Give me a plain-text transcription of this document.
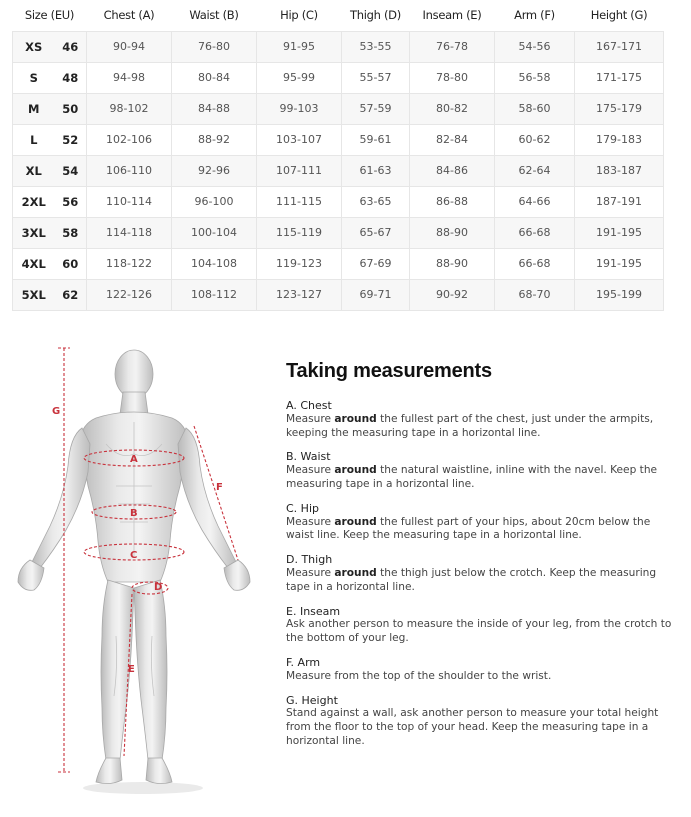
Size (EU)		Chest (A)	Waist (B)	Hip (C)	Thigh (D)	Inseam (E)	Arm (F)	Height (G)
XS	46	90-94	76-80	91-95	53-55	76-78	54-56	167-171
S	48	94-98	80-84	95-99	55-57	78-80	56-58	171-175
M	50	98-102	84-88	99-103	57-59	80-82	58-60	175-179
L	52	102-106	88-92	103-107	59-61	82-84	60-62	179-183
XL	54	106-110	92-96	107-111	61-63	84-86	62-64	183-187
2XL	56	110-114	96-100	111-115	63-65	86-88	64-66	187-191
3XL	58	114-118	100-104	115-119	65-67	88-90	66-68	191-195
4XL	60	118-122	104-108	119-123	67-69	88-90	66-68	191-195
5XL	62	122-126	108-112	123-127	69-71	90-92	68-70	195-199
G
A
B
C
D
E
F
Taking measurements
A. Chest
Measure around the fullest part of the chest, just under the armpits, keeping the measuring tape in a horizontal line.
B. Waist
Measure around the natural waistline, inline with the navel. Keep the measuring tape in a horizontal line.
C. Hip
Measure around the fullest part of your hips, about 20cm below the waist line. Keep the measuring tape in a horizontal line.
D. Thigh
Measure around the thigh just below the crotch. Keep the measuring tape in a horizontal line.
E. Inseam
Ask another person to measure the inside of your leg, from the crotch to the bottom of your leg.
F. Arm
Measure from the top of the shoulder to the wrist.
G. Height
Stand against a wall, ask another person to measure your total height from the floor to the top of your head. Keep the measuring tape in a horizontal line.
